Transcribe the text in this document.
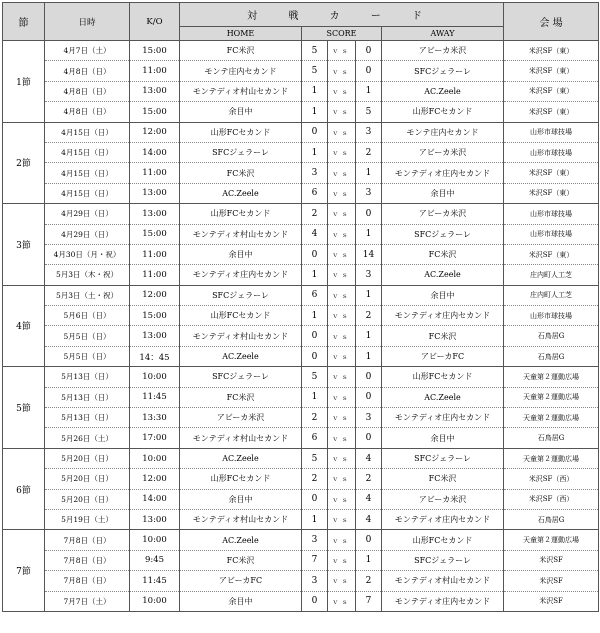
節	日時	K/O	対 戦 カ ー ド					会 場
			HOME	SCORE			AWAY	
1節	4月7日（土）	15:00	FC米沢	5	ｖｓ	0	アビーカ米沢	米沢SF（東）
	4月8日（日）	11:00	モンテ庄内セカンド	5	ｖｓ	0	SFCジェラーレ	米沢SF（東）
	4月8日（日）	13:00	モンテディオ村山セカンド	1	ｖｓ	1	AC.Zeele	米沢SF（東）
	4月8日（日）	15:00	余目中	1	ｖｓ	5	山形FCセカンド	米沢SF（東）
2節	4月15日（日）	12:00	山形FCセカンド	0	ｖｓ	3	モンテ庄内セカンド	山形市球技場
	4月15日（日）	14:00	SFCジェラーレ	1	ｖｓ	2	アビーカ米沢	山形市球技場
	4月15日（日）	11:00	FC米沢	3	ｖｓ	1	モンテディオ庄内セカンド	米沢SF（東）
	4月15日（日）	13:00	AC.Zeele	6	ｖｓ	3	余目中	米沢SF（東）
3節	4月29日（日）	13:00	山形FCセカンド	2	ｖｓ	0	アビーカ米沢	山形市球技場
	4月29日（日）	15:00	モンテディオ村山セカンド	4	ｖｓ	1	SFCジェラーレ	山形市球技場
	4月30日（月・祝）	11:00	余目中	0	ｖｓ	14	FC米沢	米沢SF（東）
	5月3日（木・祝）	11:00	モンテディオ庄内セカンド	1	ｖｓ	3	AC.Zeele	庄内町人工芝
4節	5月3日（土・祝）	12:00	SFCジェラーレ	6	ｖｓ	1	余目中	庄内町人工芝
	5月6日（日）	15:00	山形FCセカンド	1	ｖｓ	2	モンテディオ庄内セカンド	山形市球技場
	5月5日（日）	13:00	モンテディオ村山セカンド	0	ｖｓ	1	FC米沢	石鳥居G
	5月5日（日）	14：45	AC.Zeele	0	ｖｓ	1	アビーカFC	石鳥居G
5節	5月13日（日）	10:00	SFCジェラーレ	5	ｖｓ	0	山形FCセカンド	天童第２運動広場
	5月13日（日）	11:45	FC米沢	1	ｖｓ	0	AC.Zeele	天童第２運動広場
	5月13日（日）	13:30	アビーカ米沢	2	ｖｓ	3	モンテディオ庄内セカンド	天童第２運動広場
	5月26日（土）	17:00	モンテディオ村山セカンド	6	ｖｓ	0	余目中	石鳥居G
6節	5月20日（日）	10:00	AC.Zeele	5	ｖｓ	4	SFCジェラーレ	天童第２運動広場
	5月20日（日）	12:00	山形FCセカンド	2	ｖｓ	2	FC米沢	米沢SF（西）
	5月20日（日）	14:00	余目中	0	ｖｓ	4	アビーカ米沢	米沢SF（西）
	5月19日（土）	13:00	モンテディオ村山セカンド	1	ｖｓ	4	モンテディオ庄内セカンド	石鳥居G
7節	7月8日（日）	10:00	AC.Zeele	3	ｖｓ	0	山形FCセカンド	天童第２運動広場
	7月8日（日）	9:45	FC米沢	7	ｖｓ	1	SFCジェラーレ	米沢SF
	7月8日（日）	11:45	アビーカFC	3	ｖｓ	2	モンテディオ村山セカンド	米沢SF
	7月7日（土）	10:00	余目中	0	ｖｓ	7	モンテディオ庄内セカンド	米沢SF
